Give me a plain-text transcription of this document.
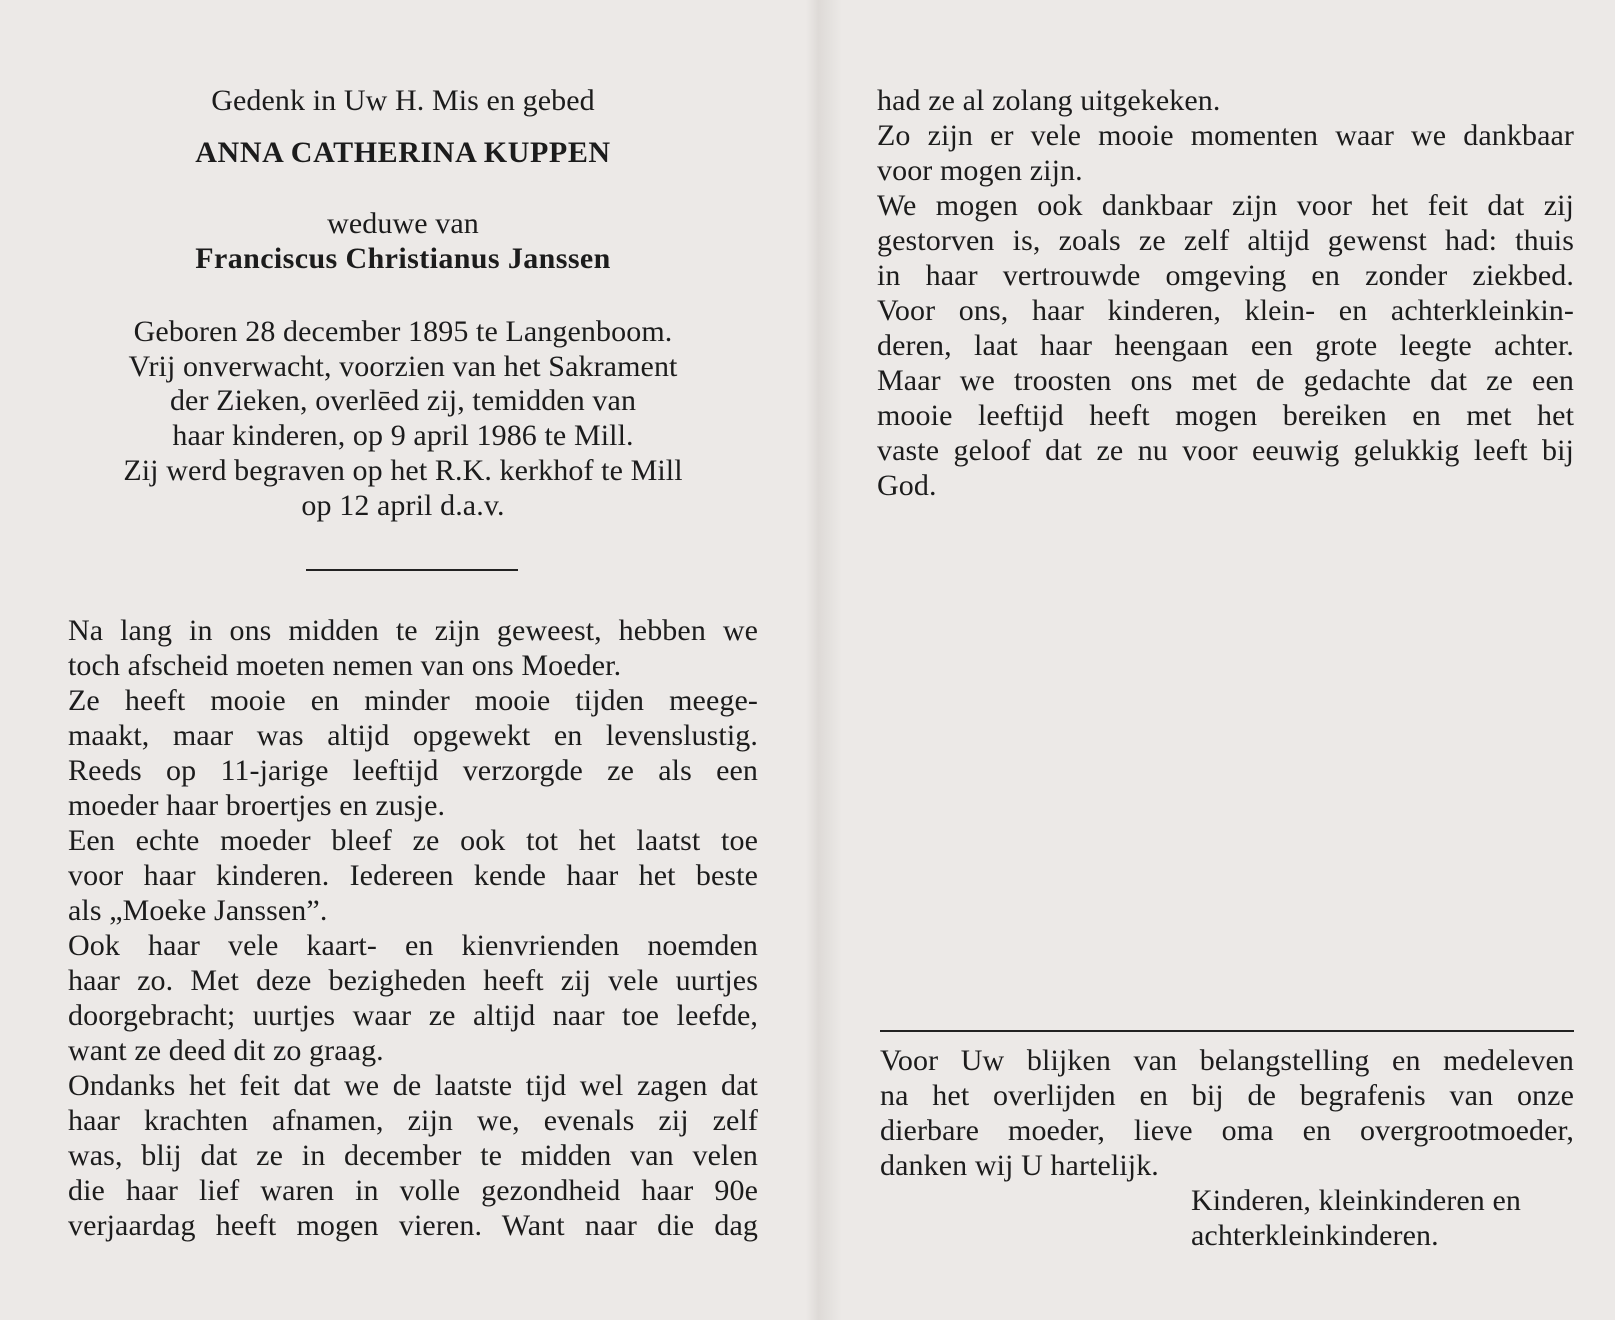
Gedenk in Uw H. Mis en gebed
ANNA CATHERINA KUPPEN
weduwe van
Franciscus Christianus Janssen
Geboren 28 december 1895 te Langenboom.
Vrij onverwacht, voorzien van het Sakrament
der Zieken, overlēed zij, temidden van
haar kinderen, op 9 april 1986 te Mill.
Zij werd begraven op het R.K. kerkhof te Mill
op 12 april d.a.v.
Na lang in ons midden te zijn geweest, hebben we
toch afscheid moeten nemen van ons Moeder.
Ze heeft mooie en minder mooie tijden meege-
maakt, maar was altijd opgewekt en levenslustig.
Reeds op 11-jarige leeftijd verzorgde ze als een
moeder haar broertjes en zusje.
Een echte moeder bleef ze ook tot het laatst toe
voor haar kinderen. Iedereen kende haar het beste
als „Moeke Janssen”.
Ook haar vele kaart- en kienvrienden noemden
haar zo. Met deze bezigheden heeft zij vele uurtjes
doorgebracht; uurtjes waar ze altijd naar toe leefde,
want ze deed dit zo graag.
Ondanks het feit dat we de laatste tijd wel zagen dat
haar krachten afnamen, zijn we, evenals zij zelf
was, blij dat ze in december te midden van velen
die haar lief waren in volle gezondheid haar 90e
verjaardag heeft mogen vieren. Want naar die dag
had ze al zolang uitgekeken.
Zo zijn er vele mooie momenten waar we dankbaar
voor mogen zijn.
We mogen ook dankbaar zijn voor het feit dat zij
gestorven is, zoals ze zelf altijd gewenst had: thuis
in haar vertrouwde omgeving en zonder ziekbed.
Voor ons, haar kinderen, klein- en achterkleinkin-
deren, laat haar heengaan een grote leegte achter.
Maar we troosten ons met de gedachte dat ze een
mooie leeftijd heeft mogen bereiken en met het
vaste geloof dat ze nu voor eeuwig gelukkig leeft bij
God.
Voor Uw blijken van belangstelling en medeleven
na het overlijden en bij de begrafenis van onze
dierbare moeder, lieve oma en overgrootmoeder,
danken wij U hartelijk.
Kinderen, kleinkinderen en
achterkleinkinderen.
